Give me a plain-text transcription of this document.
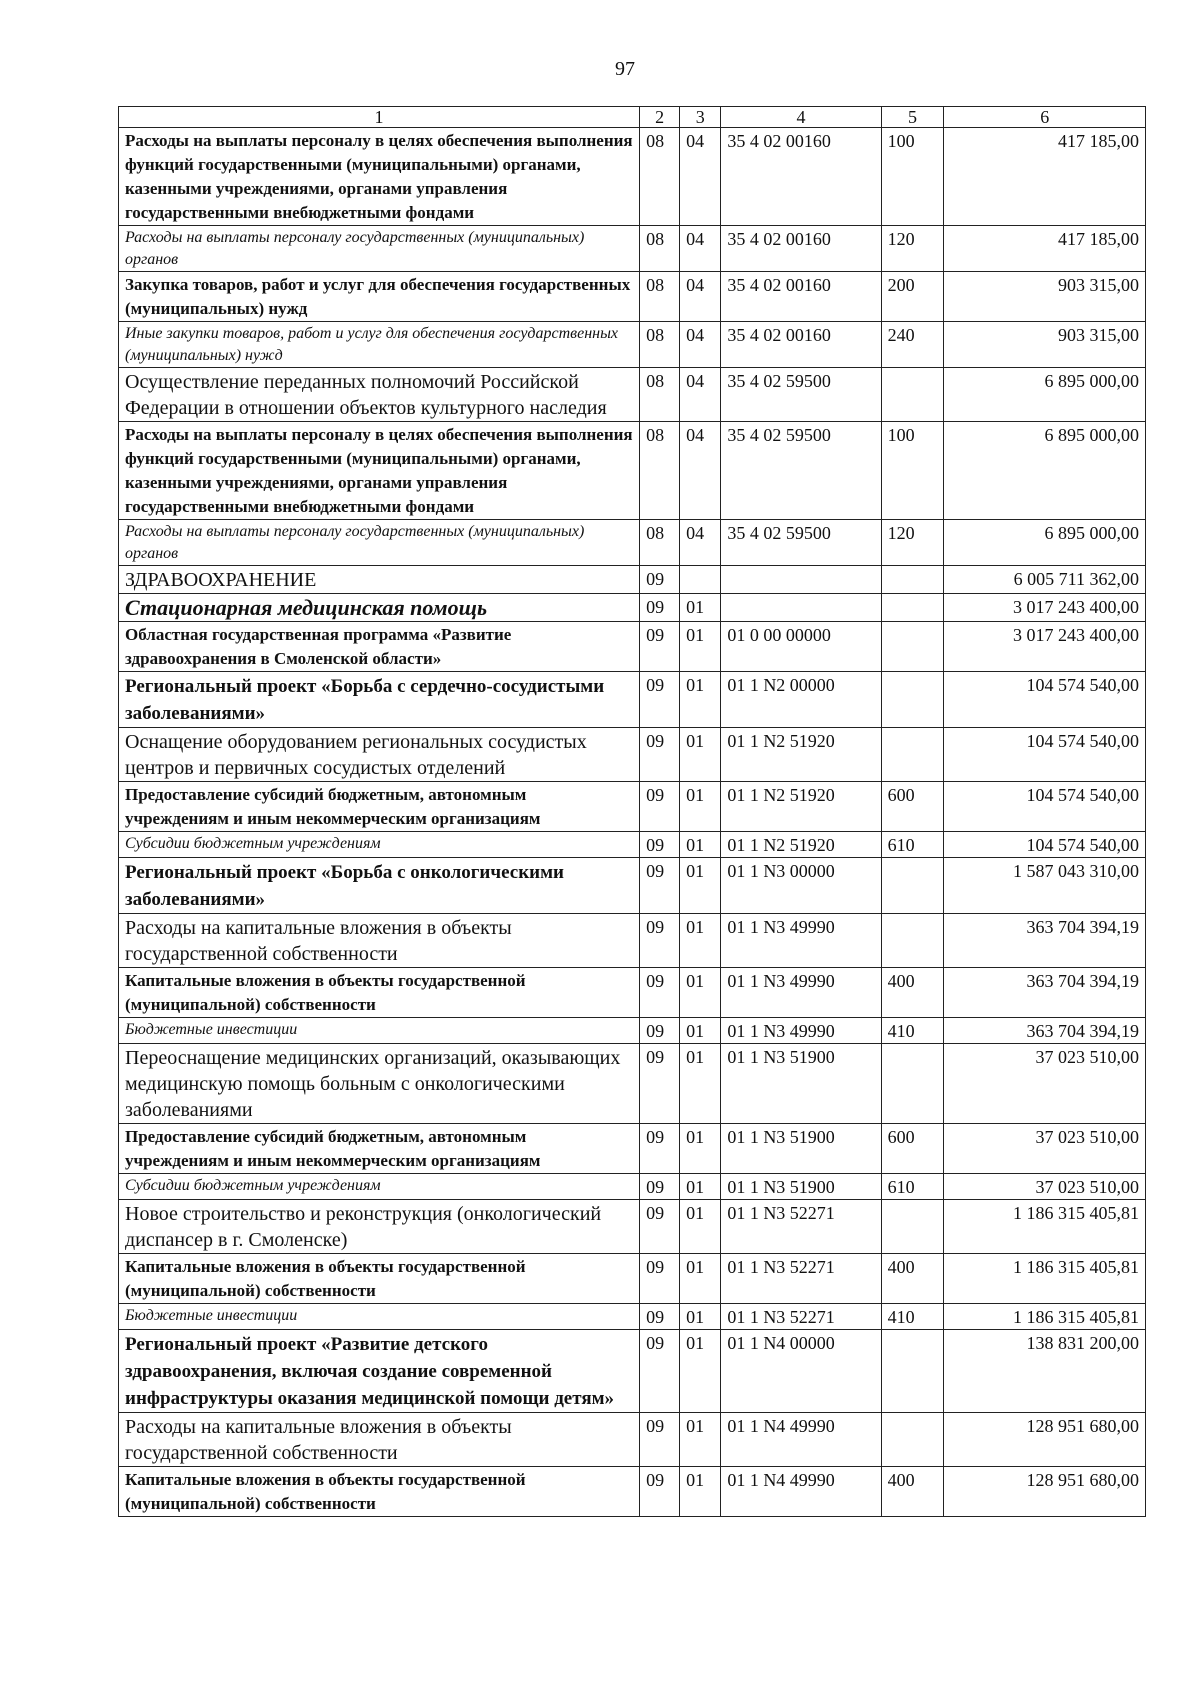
97
1	2	3	4	5	6
Расходы на выплаты персоналу в целях обеспечения выполнения функций государственными (муниципальными) органами, казенными учреждениями, органами управления государственными внебюджетными фондами	08	04	35 4 02 00160	100	417 185,00
Расходы на выплаты персоналу государственных (муниципальных) органов	08	04	35 4 02 00160	120	417 185,00
Закупка товаров, работ и услуг для обеспечения государственных (муниципальных) нужд	08	04	35 4 02 00160	200	903 315,00
Иные закупки товаров, работ и услуг для обеспечения государственных (муниципальных) нужд	08	04	35 4 02 00160	240	903 315,00
Осуществление переданных полномочий Российской Федерации в отношении объектов культурного наследия	08	04	35 4 02 59500		6 895 000,00
Расходы на выплаты персоналу в целях обеспечения выполнения функций государственными (муниципальными) органами, казенными учреждениями, органами управления государственными внебюджетными фондами	08	04	35 4 02 59500	100	6 895 000,00
Расходы на выплаты персоналу государственных (муниципальных) органов	08	04	35 4 02 59500	120	6 895 000,00
ЗДРАВООХРАНЕНИЕ	09				6 005 711 362,00
Стационарная медицинская помощь	09	01			3 017 243 400,00
Областная государственная программа «Развитие здравоохранения в Смоленской области»	09	01	01 0 00 00000		3 017 243 400,00
Региональный проект «Борьба с сердечно-сосудистыми заболеваниями»	09	01	01 1 N2 00000		104 574 540,00
Оснащение оборудованием региональных сосудистых центров и первичных сосудистых отделений	09	01	01 1 N2 51920		104 574 540,00
Предоставление субсидий бюджетным, автономным учреждениям и иным некоммерческим организациям	09	01	01 1 N2 51920	600	104 574 540,00
Субсидии бюджетным учреждениям	09	01	01 1 N2 51920	610	104 574 540,00
Региональный проект «Борьба с онкологическими заболеваниями»	09	01	01 1 N3 00000		1 587 043 310,00
Расходы на капитальные вложения в объекты государственной собственности	09	01	01 1 N3 49990		363 704 394,19
Капитальные вложения в объекты государственной (муниципальной) собственности	09	01	01 1 N3 49990	400	363 704 394,19
Бюджетные инвестиции	09	01	01 1 N3 49990	410	363 704 394,19
Переоснащение медицинских организаций, оказывающих медицинскую помощь больным с онкологическими заболеваниями	09	01	01 1 N3 51900		37 023 510,00
Предоставление субсидий бюджетным, автономным учреждениям и иным некоммерческим организациям	09	01	01 1 N3 51900	600	37 023 510,00
Субсидии бюджетным учреждениям	09	01	01 1 N3 51900	610	37 023 510,00
Новое строительство и реконструкция (онкологический диспансер в г. Смоленске)	09	01	01 1 N3 52271		1 186 315 405,81
Капитальные вложения в объекты государственной (муниципальной) собственности	09	01	01 1 N3 52271	400	1 186 315 405,81
Бюджетные инвестиции	09	01	01 1 N3 52271	410	1 186 315 405,81
Региональный проект «Развитие детского здравоохранения, включая создание современной инфраструктуры оказания медицинской помощи детям»	09	01	01 1 N4 00000		138 831 200,00
Расходы на капитальные вложения в объекты государственной собственности	09	01	01 1 N4 49990		128 951 680,00
Капитальные вложения в объекты государственной (муниципальной) собственности	09	01	01 1 N4 49990	400	128 951 680,00
